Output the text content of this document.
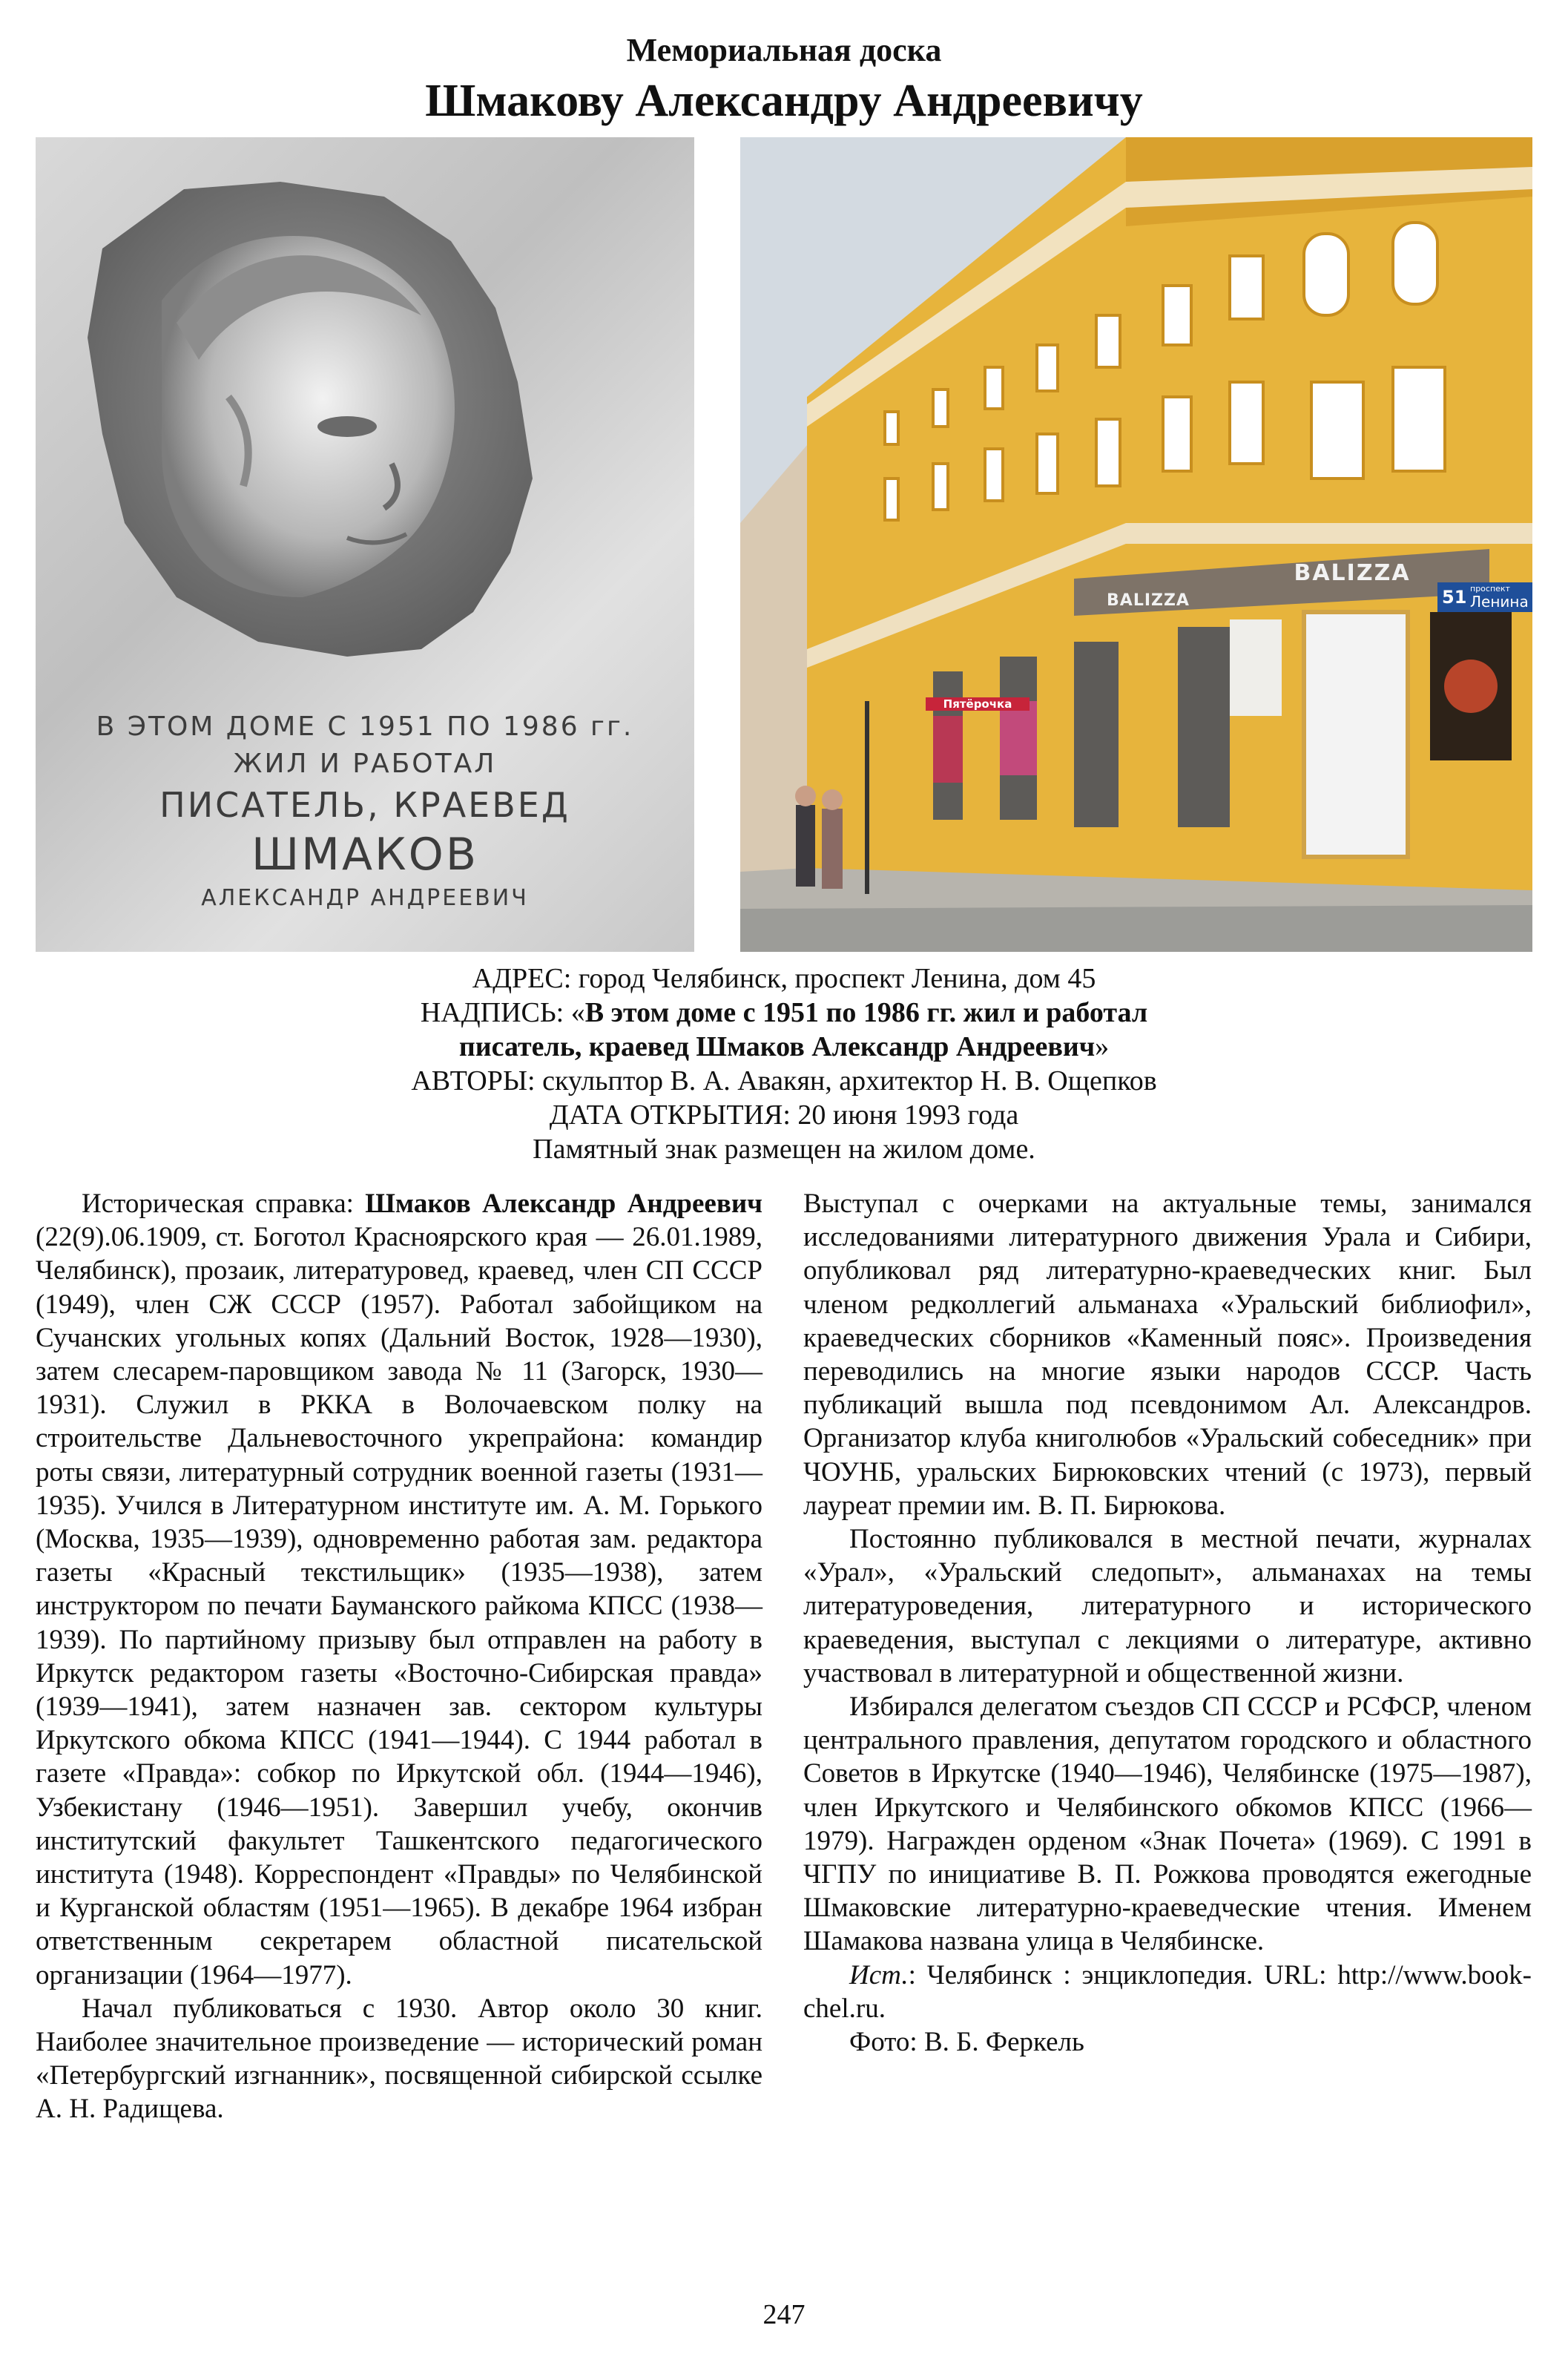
Мемориальная доска
Шмакову Александру Андреевичу
В ЭТОМ ДОМЕ С 1951 ПО 1986 гг.
ЖИЛ И РАБОТАЛ
ПИСАТЕЛЬ, КРАЕВЕД
ШМАКОВ
АЛЕКСАНДР АНДРЕЕВИЧ
BALIZZA
BALIZZA
Пятёрочка
51 проспект
Ленина
АДРЕС: город Челябинск, проспект Ленина, дом 45
НАДПИСЬ: «В этом доме с 1951 по 1986 гг. жил и работал
писатель, краевед Шмаков Александр Андреевич»
АВТОРЫ: скульптор В. А. Авакян, архитектор Н. В. Ощепков
ДАТА ОТКРЫТИЯ: 20 июня 1993 года
Памятный знак размещен на жилом доме.

Историческая справка: Шмаков Александр Андреевич (22(9).06.1909, ст. Боготол Красноярского края — 26.01.1989, Челябинск), прозаик, литературовед, краевед, член СП СССР (1949), член СЖ СССР (1957). Работал забойщиком на Сучанских угольных копях (Дальний Восток, 1928—1930), затем слесарем-паровщиком завода № 11 (Загорск, 1930—1931). Служил в РККА в Волочаевском полку на строительстве Дальневосточного укрепрайона: командир роты связи, литературный сотрудник военной газеты (1931—1935). Учился в Литературном институте им. А. М. Горького (Москва, 1935—1939), одновременно работая зам. редактора газеты «Красный текстильщик» (1935—1938), затем инструктором по печати Бауманского райкома КПСС (1938—1939). По партийному призыву был отправлен на работу в Иркутск редактором газеты «Восточно-Сибирская правда» (1939—1941), затем назначен зав. сектором культуры Иркутского обкома КПСС (1941—1944). С 1944 работал в газете «Правда»: собкор по Иркутской обл. (1944—1946), Узбекистану (1946—1951). Завершил учебу, окончив институтский факультет Ташкентского педагогического института (1948). Корреспондент «Правды» по Челябинской и Курганской областям (1951—1965). В декабре 1964 избран ответственным секретарем областной писательской организации (1964—1977).

Начал публиковаться с 1930. Автор около 30 книг. Наиболее значительное произведение — исторический роман «Петербургский изгнанник», посвященной сибирской ссылке А. Н. Радищева.

Выступал с очерками на актуальные темы, занимался исследованиями литературного движения Урала и Сибири, опубликовал ряд литературно-краеведческих книг. Был членом редколлегий альманаха «Уральский библиофил», краеведческих сборников «Каменный пояс». Произведения переводились на многие языки народов СССР. Часть публикаций вышла под псевдонимом Ал. Александров. Организатор клуба книголюбов «Уральский собеседник» при ЧОУНБ, уральских Бирюковских чтений (с 1973), первый лауреат премии им. В. П. Бирюкова.

Постоянно публиковался в местной печати, журналах «Урал», «Уральский следопыт», альманахах на темы литературоведения, литературного и исторического краеведения, выступал с лекциями о литературе, активно участвовал в литературной и общественной жизни.

Избирался делегатом съездов СП СССР и РСФСР, членом центрального правления, депутатом городского и областного Советов в Иркутске (1940—1946), Челябинске (1975—1987), член Иркутского и Челябинского обкомов КПСС (1966—1979). Награжден орденом «Знак Почета» (1969). С 1991 в ЧГПУ по инициативе В. П. Рожкова проводятся ежегодные Шмаковские литературно-краеведческие чтения. Именем Шамакова названа улица в Челябинске.

Ист.: Челябинск : энциклопедия. URL: http://www.book-chel.ru.

Фото: В. Б. Феркель

247
